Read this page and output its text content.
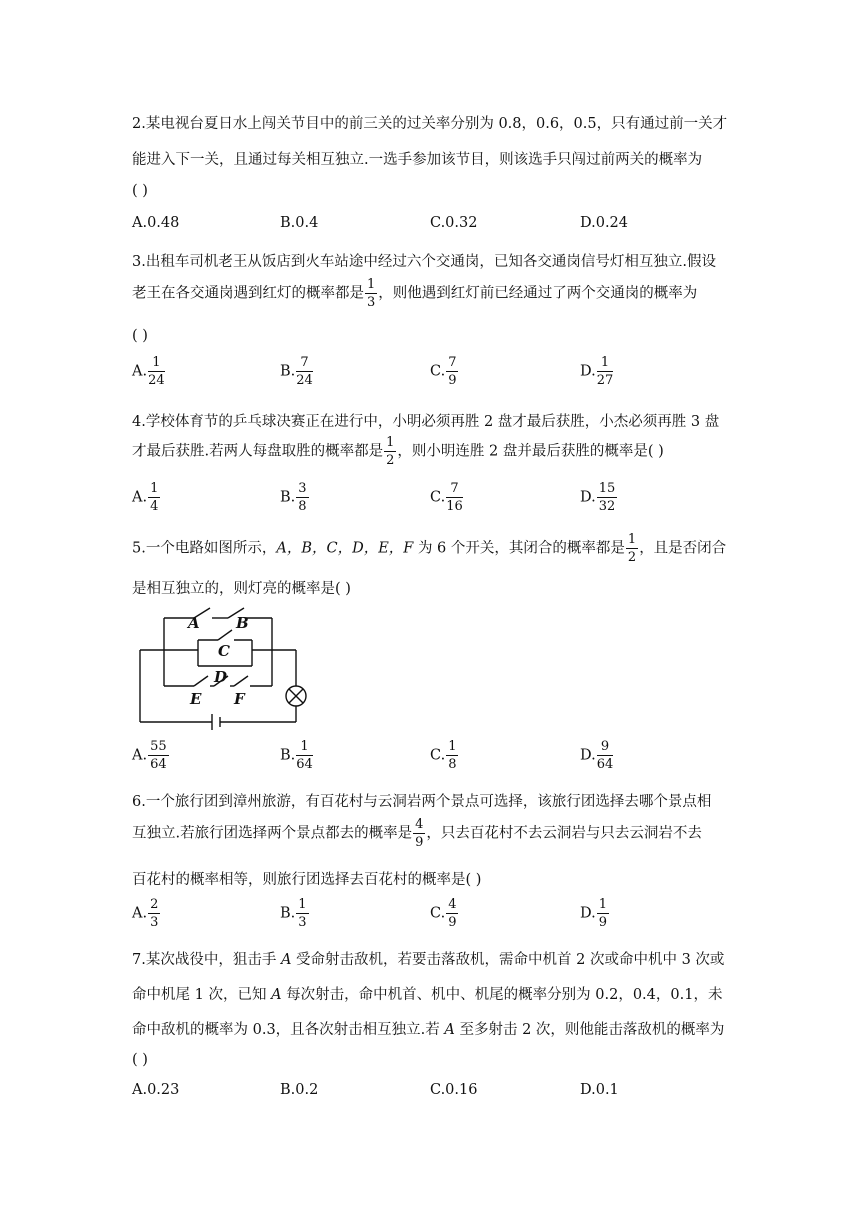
2.某电视台夏日水上闯关节目中的前三关的过关率分别为 0.8，0.6，0.5，只有通过前一关才
能进入下一关，且通过每关相互独立.一选手参加该节目，则该选手只闯过前两关的概率为
( )
A.0.48	B.0.4	C.0.32	D.0.24
3.出租车司机老王从饭店到火车站途中经过六个交通岗，已知各交通岗信号灯相互独立.假设
老王在各交通岗遇到红灯的概率都是 $\frac{1}{3}$ ，则他遇到红灯前已经通过了两个交通岗的概率为
( )
A. $\frac{1}{24}$	B. $\frac{7}{24}$	C. $\frac{7}{9}$	D. $\frac{1}{27}$
4.学校体育节的乒乓球决赛正在进行中，小明必须再胜 2 盘才最后获胜，小杰必须再胜 3 盘
才最后获胜.若两人每盘取胜的概率都是 $\frac{1}{2}$ ，则小明连胜 2 盘并最后获胜的概率是( )
A. $\frac{1}{4}$	B. $\frac{3}{8}$	C. $\frac{7}{16}$	D. $\frac{15}{32}$
5.一个电路如图所示，A，B，C，D，E，F 为 6 个开关，其闭合的概率都是 $\frac{1}{2}$ ，且是否闭合
是相互独立的，则灯亮的概率是( )
A B
C
D
E F
A. $\frac{55}{64}$	B. $\frac{1}{64}$	C. $\frac{1}{8}$	D. $\frac{9}{64}$
6.一个旅行团到漳州旅游，有百花村与云洞岩两个景点可选择，该旅行团选择去哪个景点相
互独立.若旅行团选择两个景点都去的概率是 $\frac{4}{9}$ ，只去百花村不去云洞岩与只去云洞岩不去
百花村的概率相等，则旅行团选择去百花村的概率是( )
A. $\frac{2}{3}$	B. $\frac{1}{3}$	C. $\frac{4}{9}$	D. $\frac{1}{9}$
7.某次战役中，狙击手 A 受命射击敌机，若要击落敌机，需命中机首 2 次或命中机中 3 次或
命中机尾 1 次，已知 A 每次射击，命中机首、机中、机尾的概率分别为 0.2，0.4，0.1，未
命中敌机的概率为 0.3，且各次射击相互独立.若 A 至多射击 2 次，则他能击落敌机的概率为
( )
A.0.23	B.0.2	C.0.16	D.0.1
